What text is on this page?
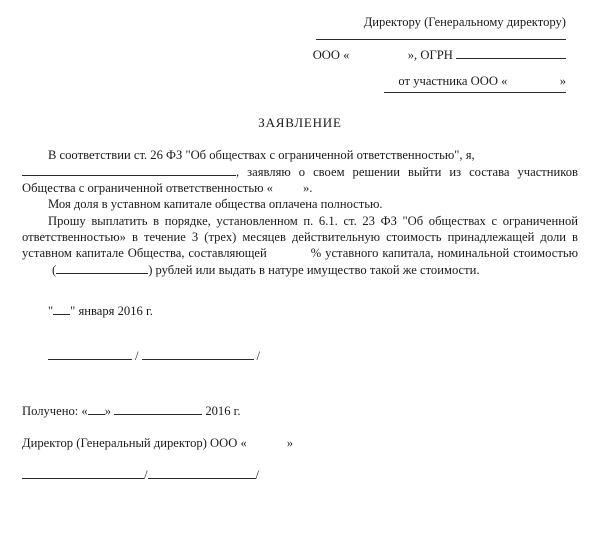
Директору (Генеральному директору)
ООО «	», ОГРН
от участника ООО «	»
ЗАЯВЛЕНИЕ

В соответствии ст. 26 ФЗ "Об обществах с ограниченной ответственностью", я,
, заявляю о своем решении выйти из состава участников Общества с ограниченной ответственностью « ».

Моя доля в уставном капитале общества оплачена полностью.

Прошу выплатить в порядке, установленном п. 6.1. ст. 23 ФЗ "Об обществах с ограниченной ответственностью» в течение 3 (трех) месяцев действительную стоимость принадлежащей доли в уставном капитале Общества, составляющей	% уставного капитала, номинальной стоимостью(	) рублей или выдать в натуре имущество такой же стоимости.

" " января 2016 г.
/	/
Получено: « »	2016 г.
Директор (Генеральный директор) ООО «	»
/	/
